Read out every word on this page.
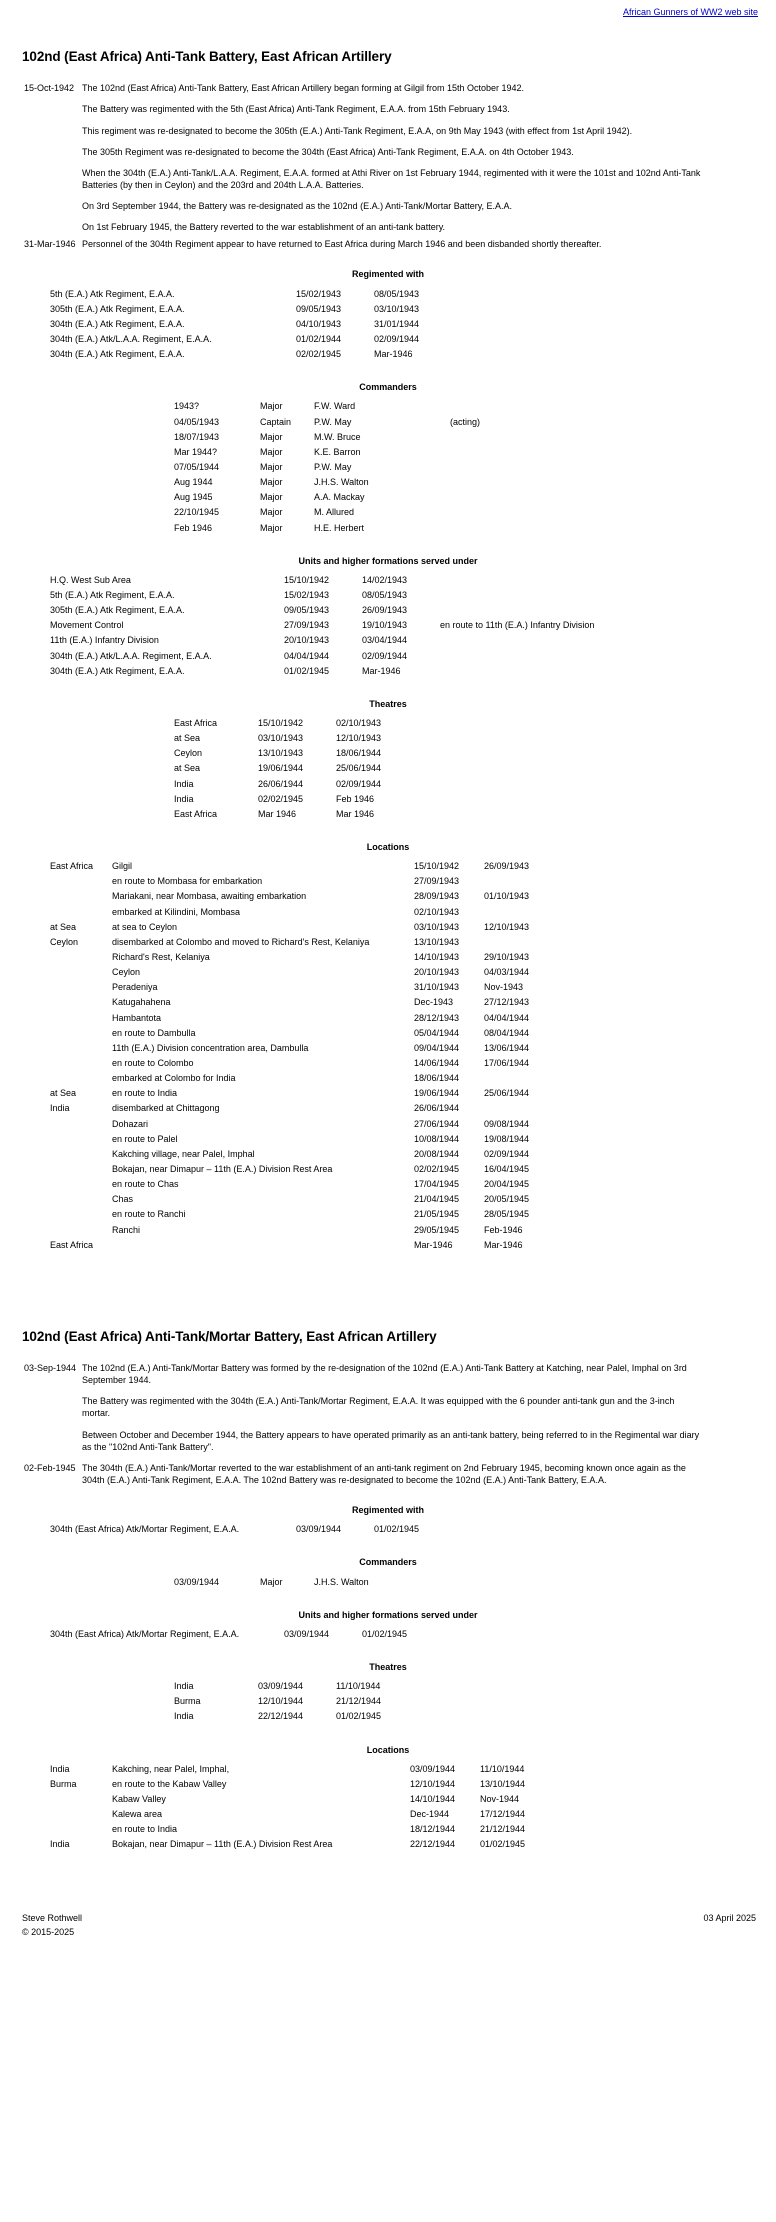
African Gunners of WW2 web site
102nd (East Africa) Anti-Tank Battery, East African Artillery
15-Oct-1942 The 102nd (East Africa) Anti-Tank Battery, East African Artillery began forming at Gilgil from 15th October 1942.
The Battery was regimented with the 5th (East Africa) Anti-Tank Regiment, E.A.A. from 15th February 1943.
This regiment was re-designated to become the 305th (E.A.) Anti-Tank Regiment, E.A.A, on 9th May 1943 (with effect from 1st April 1942).
The 305th Regiment was re-designated to become the 304th (East Africa) Anti-Tank Regiment, E.A.A. on 4th October 1943.
When the 304th (E.A.) Anti-Tank/L.A.A. Regiment, E.A.A. formed at Athi River on 1st February 1944, regimented with it were the 101st and 102nd Anti-Tank Batteries (by then in Ceylon) and the 203rd and 204th L.A.A. Batteries.
On 3rd September 1944, the Battery was re-designated as the 102nd (E.A.) Anti-Tank/Mortar Battery, E.A.A.
On 1st February 1945, the Battery reverted to the war establishment of an anti-tank battery.
31-Mar-1946 Personnel of the 304th Regiment appear to have returned to East Africa during March 1946 and been disbanded shortly thereafter.
Regimented with
5th (E.A.) Atk Regiment, E.A.A.	15/02/1943	08/05/1943
305th (E.A.) Atk Regiment, E.A.A.	09/05/1943	03/10/1943
304th (E.A.) Atk Regiment, E.A.A.	04/10/1943	31/01/1944
304th (E.A.) Atk/L.A.A. Regiment, E.A.A.	01/02/1944	02/09/1944
304th (E.A.) Atk Regiment, E.A.A.	02/02/1945	Mar-1946
Commanders
1943?	Major	F.W. Ward	
04/05/1943	Captain	P.W. May	(acting)
18/07/1943	Major	M.W. Bruce	
Mar 1944?	Major	K.E. Barron	
07/05/1944	Major	P.W. May	
Aug 1944	Major	J.H.S. Walton	
Aug 1945	Major	A.A. Mackay	
22/10/1945	Major	M. Allured	
Feb 1946	Major	H.E. Herbert	
Units and higher formations served under
H.Q. West Sub Area	15/10/1942	14/02/1943	
5th (E.A.) Atk Regiment, E.A.A.	15/02/1943	08/05/1943	
305th (E.A.) Atk Regiment, E.A.A.	09/05/1943	26/09/1943	
Movement Control	27/09/1943	19/10/1943	en route to 11th (E.A.) Infantry Division
11th (E.A.) Infantry Division	20/10/1943	03/04/1944	
304th (E.A.) Atk/L.A.A. Regiment, E.A.A.	04/04/1944	02/09/1944	
304th (E.A.) Atk Regiment, E.A.A.	01/02/1945	Mar-1946	
Theatres
East Africa	15/10/1942	02/10/1943
at Sea	03/10/1943	12/10/1943
Ceylon	13/10/1943	18/06/1944
at Sea	19/06/1944	25/06/1944
India	26/06/1944	02/09/1944
India	02/02/1945	Feb 1946
East Africa	Mar 1946	Mar 1946
Locations
East Africa	Gilgil	15/10/1942	26/09/1943
	en route to Mombasa for embarkation	27/09/1943	
	Mariakani, near Mombasa, awaiting embarkation	28/09/1943	01/10/1943
	embarked at Kilindini, Mombasa	02/10/1943	
at Sea	at sea to Ceylon	03/10/1943	12/10/1943
Ceylon	disembarked at Colombo and moved to Richard's Rest, Kelaniya	13/10/1943	
	Richard's Rest, Kelaniya	14/10/1943	29/10/1943
	Ceylon	20/10/1943	04/03/1944
	Peradeniya	31/10/1943	Nov-1943
	Katugahahena	Dec-1943	27/12/1943
	Hambantota	28/12/1943	04/04/1944
	en route to Dambulla	05/04/1944	08/04/1944
	11th (E.A.) Division concentration area, Dambulla	09/04/1944	13/06/1944
	en route to Colombo	14/06/1944	17/06/1944
	embarked at Colombo for India	18/06/1944	
at Sea	en route to India	19/06/1944	25/06/1944
India	disembarked at Chittagong	26/06/1944	
	Dohazari	27/06/1944	09/08/1944
	en route to Palel	10/08/1944	19/08/1944
	Kakching village, near Palel, Imphal	20/08/1944	02/09/1944
	Bokajan, near Dimapur – 11th (E.A.) Division Rest Area	02/02/1945	16/04/1945
	en route to Chas	17/04/1945	20/04/1945
	Chas	21/04/1945	20/05/1945
	en route to Ranchi	21/05/1945	28/05/1945
	Ranchi	29/05/1945	Feb-1946
East Africa		Mar-1946	Mar-1946
102nd (East Africa) Anti-Tank/Mortar Battery, East African Artillery
03-Sep-1944 The 102nd (E.A.) Anti-Tank/Mortar Battery was formed by the re-designation of the 102nd (E.A.) Anti-Tank Battery at Katching, near Palel, Imphal on 3rd September 1944.
The Battery was regimented with the 304th (E.A.) Anti-Tank/Mortar Regiment, E.A.A. It was equipped with the 6 pounder anti-tank gun and the 3-inch mortar.
Between October and December 1944, the Battery appears to have operated primarily as an anti-tank battery, being referred to in the Regimental war diary as the "102nd Anti-Tank Battery".
02-Feb-1945 The 304th (E.A.) Anti-Tank/Mortar reverted to the war establishment of an anti-tank regiment on 2nd February 1945, becoming known once again as the 304th (E.A.) Anti-Tank Regiment, E.A.A. The 102nd Battery was re-designated to become the 102nd (E.A.) Anti-Tank Battery, E.A.A.
Regimented with
304th (East Africa) Atk/Mortar Regiment, E.A.A.	03/09/1944	01/02/1945
Commanders
03/09/1944	Major	J.H.S. Walton	
Units and higher formations served under
304th (East Africa) Atk/Mortar Regiment, E.A.A.	03/09/1944	01/02/1945	
Theatres
India	03/09/1944	11/10/1944
Burma	12/10/1944	21/12/1944
India	22/12/1944	01/02/1945
Locations
India	Kakching, near Palel, Imphal,	03/09/1944	11/10/1944
Burma	en route to the Kabaw Valley	12/10/1944	13/10/1944
	Kabaw Valley	14/10/1944	Nov-1944
	Kalewa area	Dec-1944	17/12/1944
	en route to India	18/12/1944	21/12/1944
India	Bokajan, near Dimapur – 11th (E.A.) Division Rest Area	22/12/1944	01/02/1945
Steve Rothwell
© 2015-2025
03 April 2025
